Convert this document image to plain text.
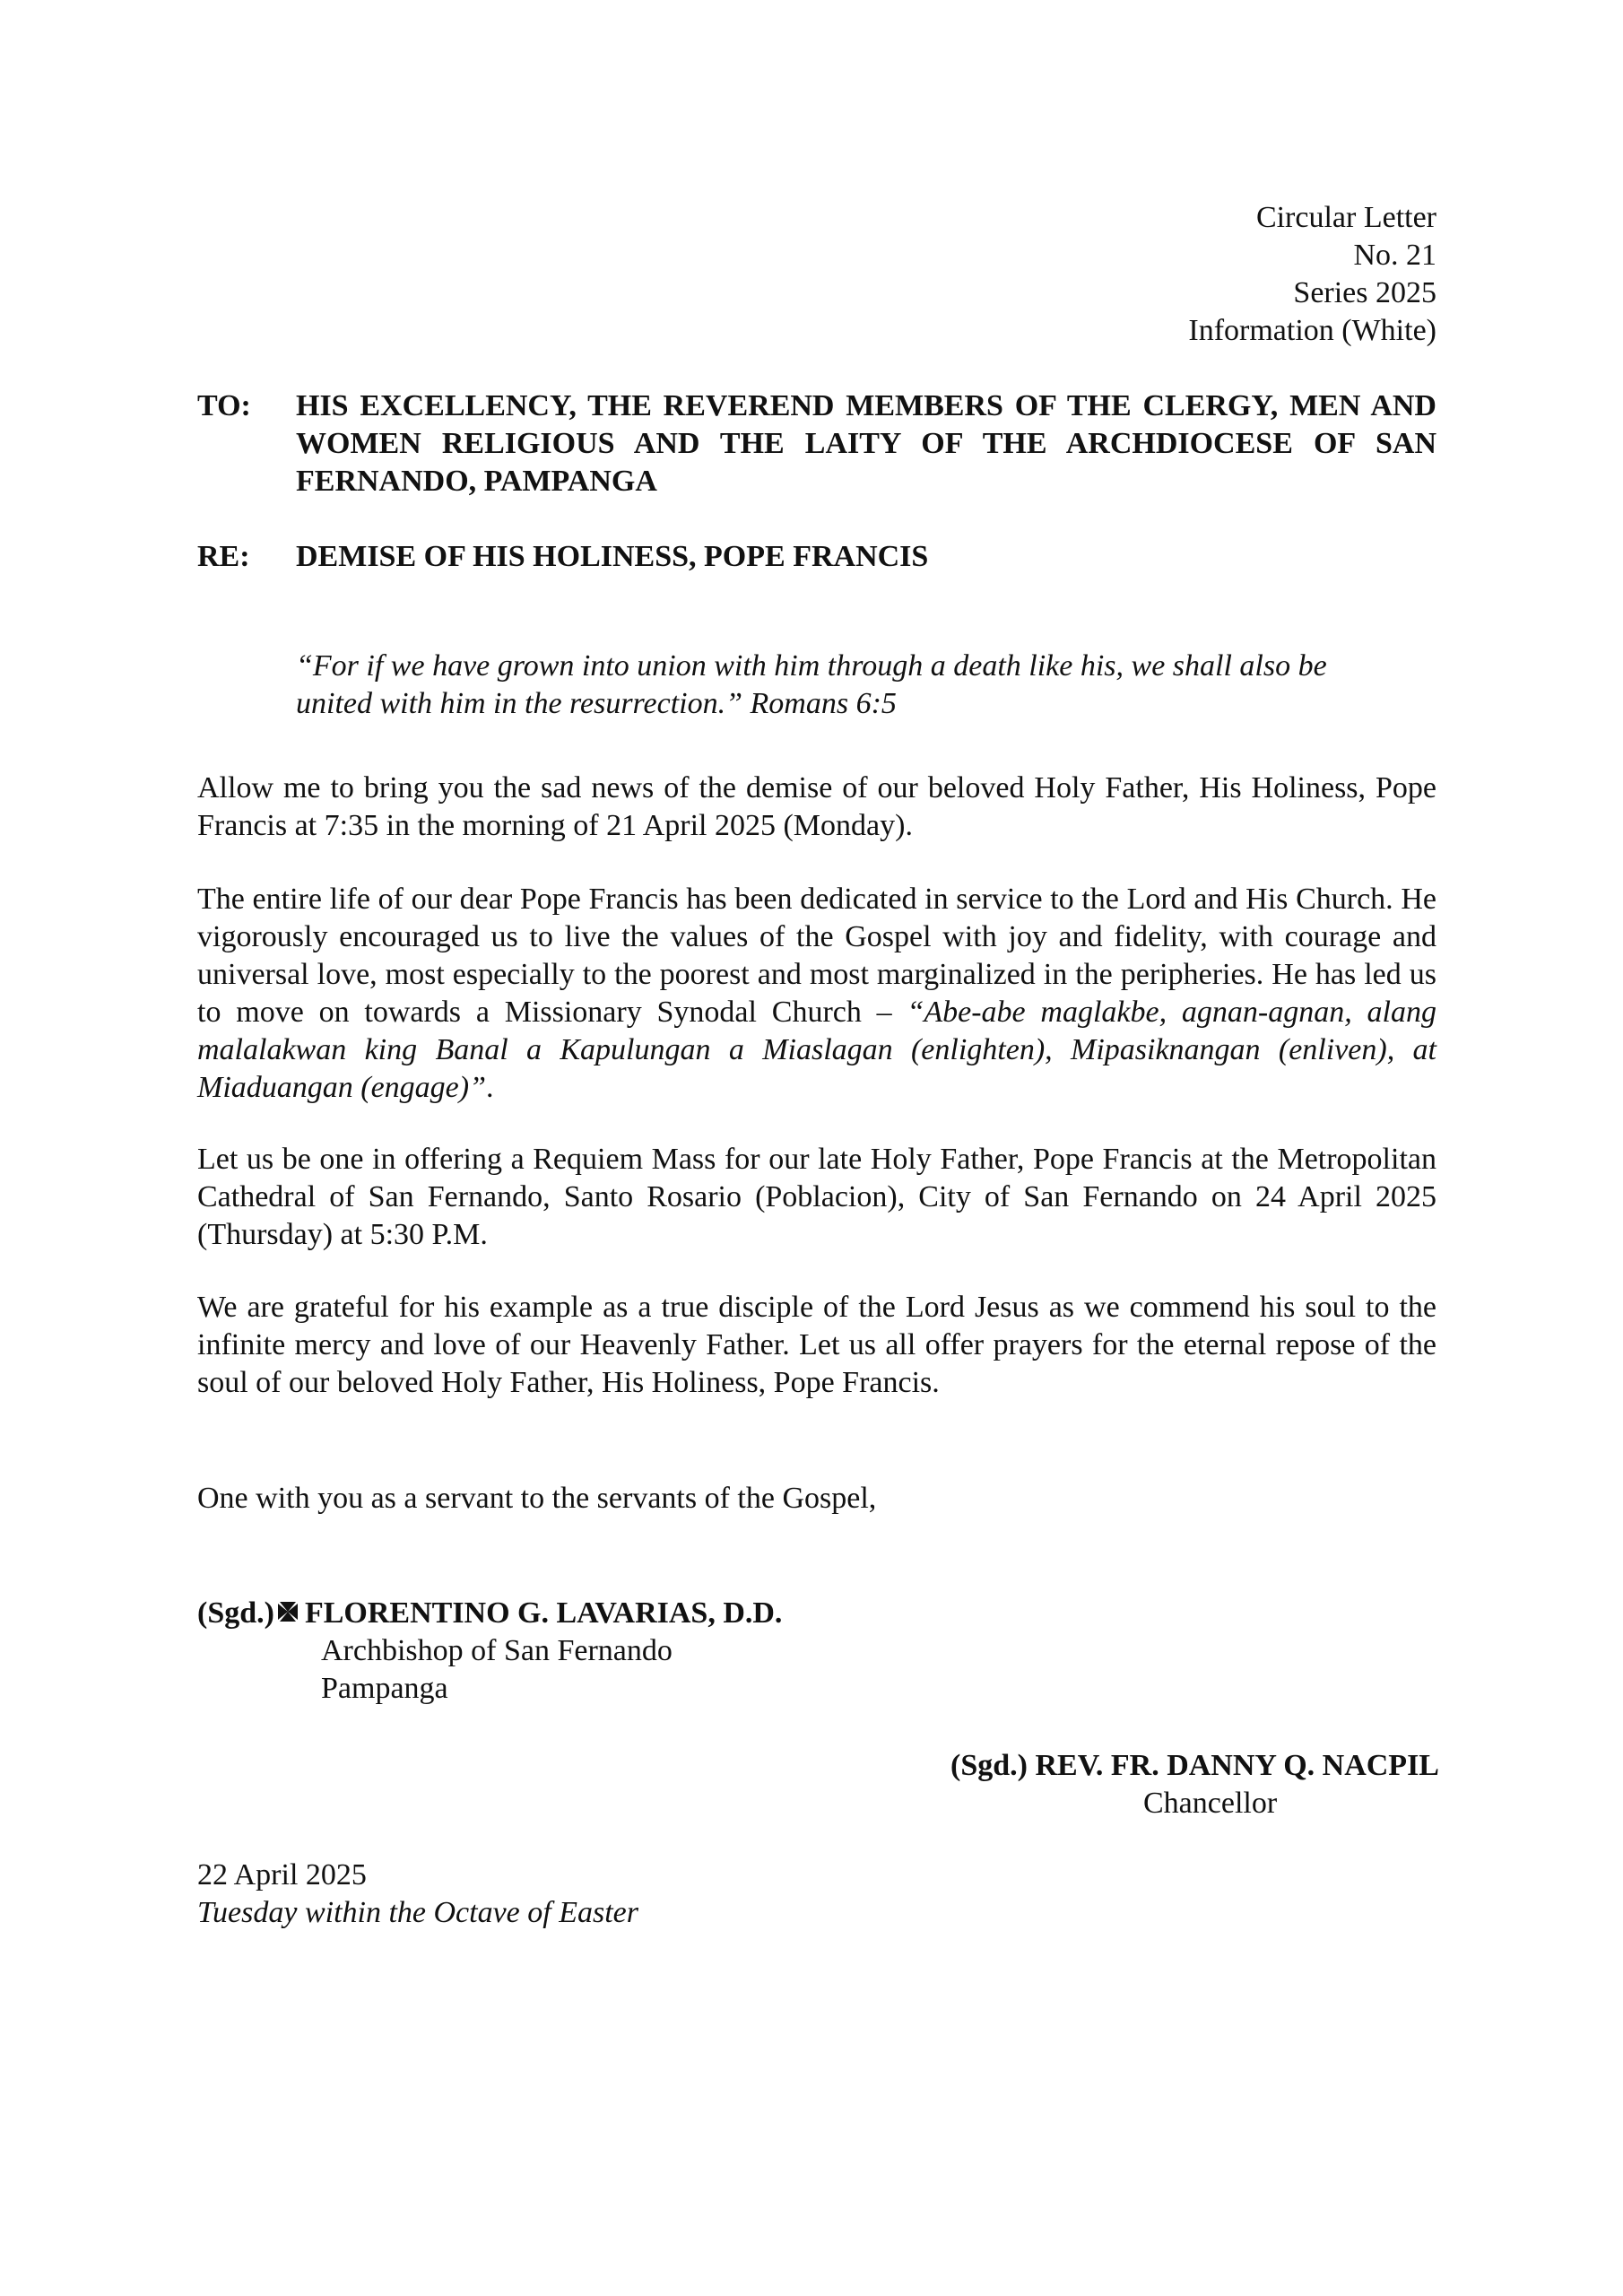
Circular Letter
No. 21
Series 2025
Information (White)
TO:	HIS EXCELLENCY, THE REVEREND MEMBERS OF THE CLERGY, MEN AND WOMEN RELIGIOUS AND THE LAITY OF THE ARCHDIOCESE OF SAN FERNANDO, PAMPANGA
RE:	DEMISE OF HIS HOLINESS, POPE FRANCIS
“For if we have grown into union with him through a death like his, we shall also be united with him in the resurrection.” Romans 6:5
Allow me to bring you the sad news of the demise of our beloved Holy Father, His Holiness, Pope Francis at 7:35 in the morning of 21 April 2025 (Monday).
The entire life of our dear Pope Francis has been dedicated in service to the Lord and His Church. He vigorously encouraged us to live the values of the Gospel with joy and fidelity, with courage and universal love, most especially to the poorest and most marginalized in the peripheries. He has led us to move on towards a Missionary Synodal Church – “Abe-abe maglakbe, agnan-agnan, alang malalakwan king Banal a Kapulungan a Miaslagan (enlighten), Mipasiknangan (enliven), at Miaduangan (engage)”.
Let us be one in offering a Requiem Mass for our late Holy Father, Pope Francis at the Metropolitan Cathedral of San Fernando, Santo Rosario (Poblacion), City of San Fernando on 24 April 2025 (Thursday) at 5:30 P.M.
We are grateful for his example as a true disciple of the Lord Jesus as we commend his soul to the infinite mercy and love of our Heavenly Father. Let us all offer prayers for the eternal repose of the soul of our beloved Holy Father, His Holiness, Pope Francis.
One with you as a servant to the servants of the Gospel,
(Sgd.) FLORENTINO G. LAVARIAS, D.D.
Archbishop of San Fernando
Pampanga
(Sgd.) REV. FR. DANNY Q. NACPIL
Chancellor
22 April 2025
Tuesday within the Octave of Easter
